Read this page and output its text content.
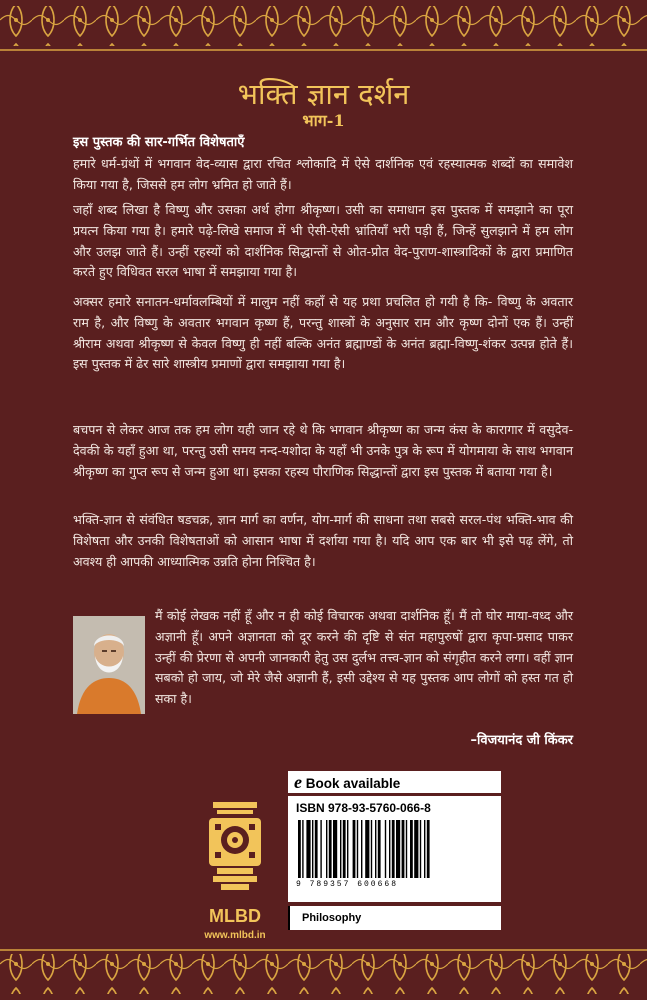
भक्ति ज्ञान दर्शन
भाग-1
इस पुस्तक की सार-गर्भित विशेषताएँ

हमारे धर्म-ग्रंथों में भगवान वेद-व्यास द्वारा रचित श्लोकादि में ऐसे दार्शनिक एवं रहस्यात्मक शब्दों का समावेश किया गया है, जिससे हम लोग भ्रमित हो जाते हैं।

जहाँ शब्द लिखा है विष्णु और उसका अर्थ होगा श्रीकृष्ण। उसी का समाधान इस पुस्तक में समझाने का पूरा प्रयत्न किया गया है। हमारे पढ़े-लिखे समाज में भी ऐसी-ऐसी भ्रांतियाँ भरी पड़ी हैं, जिन्हें सुलझाने में हम लोग और उलझ जाते हैं। उन्हीं रहस्यों को दार्शनिक सिद्धान्तों से ओत-प्रोत वेद-पुराण-शास्त्रादिकों के द्वारा प्रमाणित करते हुए विधिवत सरल भाषा में समझाया गया है।

अक्सर हमारे सनातन-धर्मावलम्बियों में मालुम नहीं कहाँ से यह प्रथा प्रचलित हो गयी है कि- विष्णु के अवतार राम है, और विष्णु के अवतार भगवान कृष्ण हैं, परन्तु शास्त्रों के अनुसार राम और कृष्ण दोनों एक हैं। उन्हीं श्रीराम अथवा श्रीकृष्ण से केवल विष्णु ही नहीं बल्कि अनंत ब्रह्माण्डों के अनंत ब्रह्मा-विष्णु-शंकर उत्पन्न होते हैं। इस पुस्तक में ढेर सारे शास्त्रीय प्रमाणों द्वारा समझाया गया है।

बचपन से लेकर आज तक हम लोग यही जान रहे थे कि भगवान श्रीकृष्ण का जन्म कंस के कारागार में वसुदेव-देवकी के यहाँ हुआ था, परन्तु उसी समय नन्द-यशोदा के यहाँ भी उनके पुत्र के रूप में योगमाया के साथ भगवान श्रीकृष्ण का गुप्त रूप से जन्म हुआ था। इसका रहस्य पौराणिक सिद्धान्तों द्वारा इस पुस्तक में बताया गया है।

भक्ति-ज्ञान से संवंधित षडचक्र, ज्ञान मार्ग का वर्णन, योग-मार्ग की साधना तथा सबसे सरल-पंथ भक्ति-भाव की विशेषता और उनकी विशेषताओं को आसान भाषा में दर्शाया गया है। यदि आप एक बार भी इसे पढ़ लेंगे, तो अवश्य ही आपकी आध्यात्मिक उन्नति होना निश्चित है।

मैं कोई लेखक नहीं हूँ और न ही कोई विचारक अथवा दार्शनिक हूँ। मैं तो घोर माया-वध्द और अज्ञानी हूँ। अपने अज्ञानता को दूर करने की दृष्टि से संत महापुरुषों द्वारा कृपा-प्रसाद पाकर उन्हीं की प्रेरणा से अपनी जानकारी हेतु उस दुर्लभ तत्त्व-ज्ञान को संगृहीत करने लगा। वहीं ज्ञान सबको हो जाय, जो मेरे जैसे अज्ञानी हैं, इसी उद्देश्य से यह पुस्तक आप लोगों को हस्त गत हो सका है।

–विजयानंद जी किंकर
MLBD
www.mlbd.in
e Book available
ISBN 978-93-5760-066-8
9 789357 600668
Philosophy
